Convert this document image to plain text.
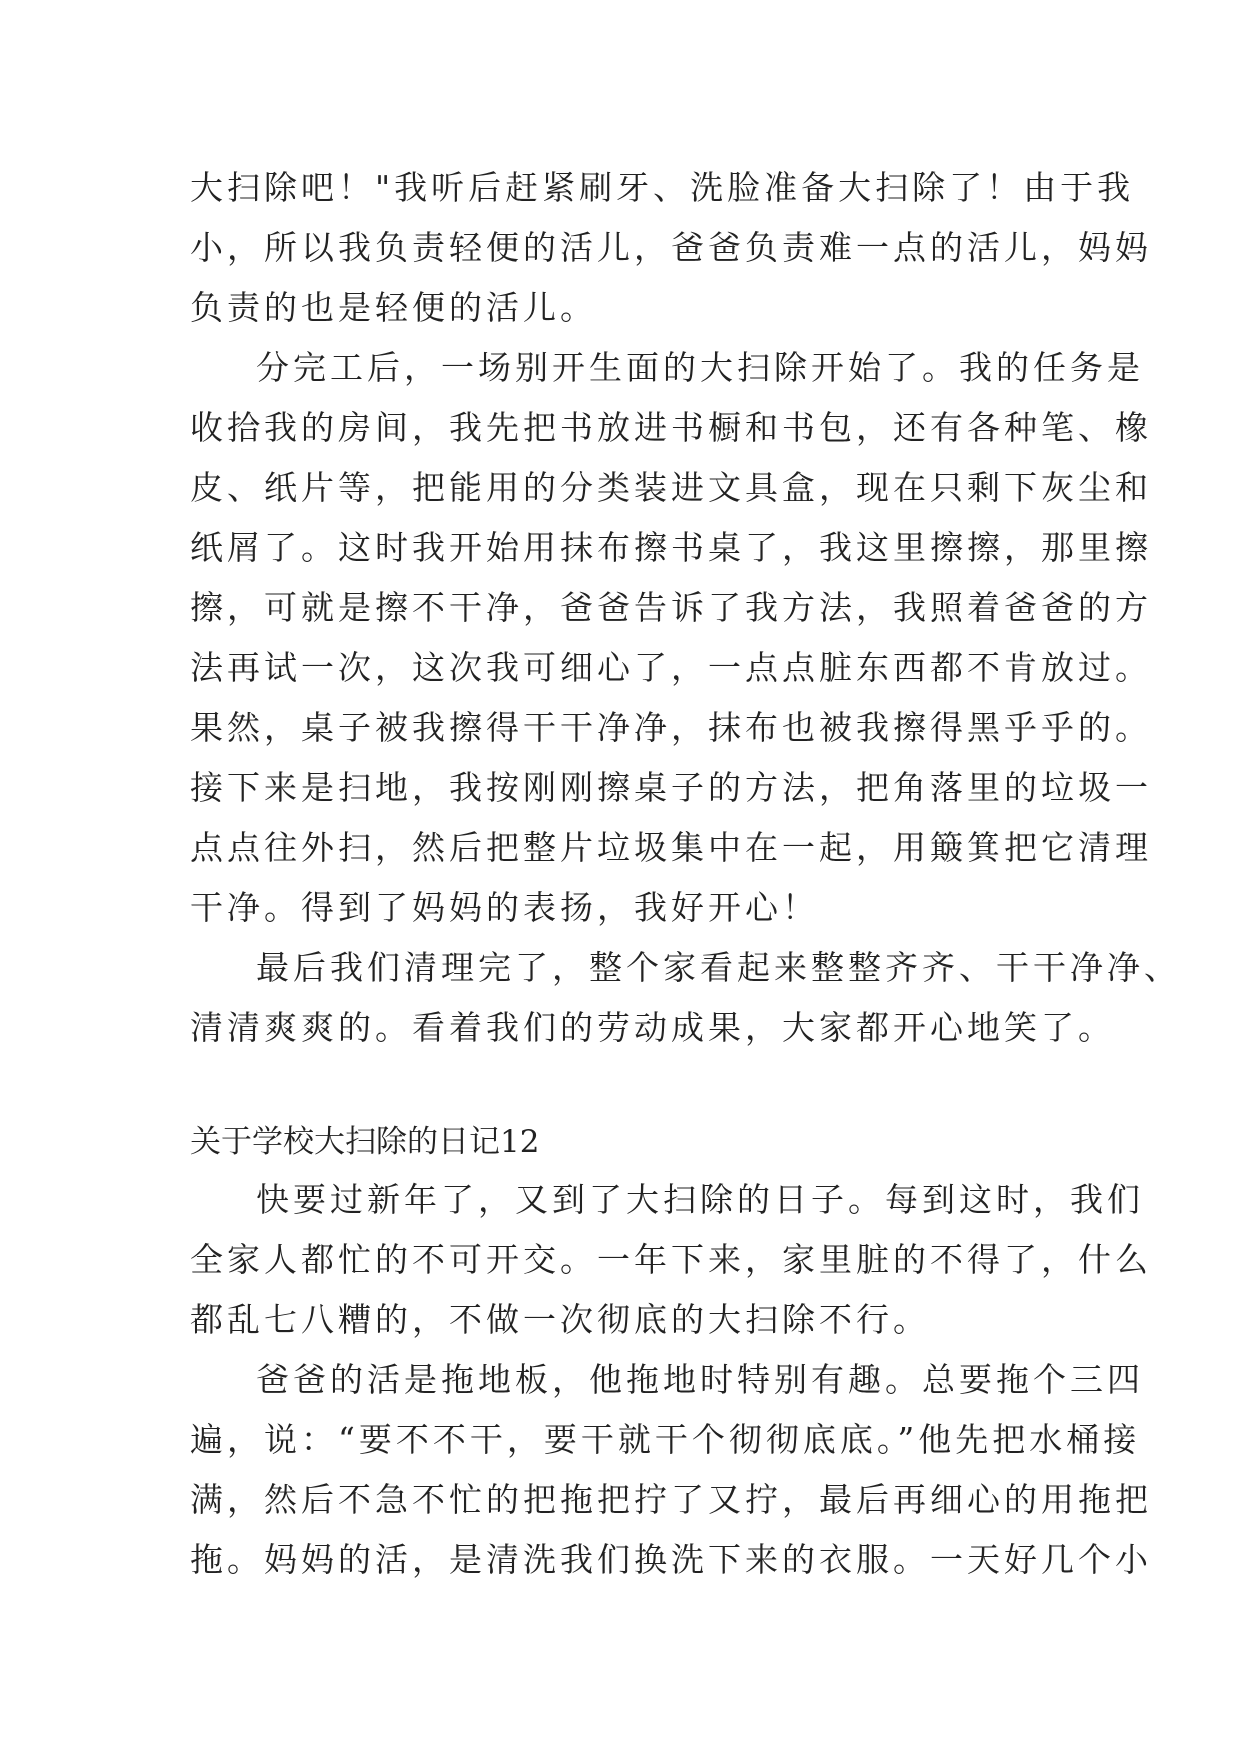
大扫除吧！"我听后赶紧刷牙、洗脸准备大扫除了！由于我
小，所以我负责轻便的活儿，爸爸负责难一点的活儿，妈妈
负责的也是轻便的活儿。
分完工后，一场别开生面的大扫除开始了。我的任务是
收拾我的房间，我先把书放进书橱和书包，还有各种笔、橡
皮、纸片等，把能用的分类装进文具盒，现在只剩下灰尘和
纸屑了。这时我开始用抹布擦书桌了，我这里擦擦，那里擦
擦，可就是擦不干净，爸爸告诉了我方法，我照着爸爸的方
法再试一次，这次我可细心了，一点点脏东西都不肯放过。
果然，桌子被我擦得干干净净，抹布也被我擦得黑乎乎的。
接下来是扫地，我按刚刚擦桌子的方法，把角落里的垃圾一
点点往外扫，然后把整片垃圾集中在一起，用簸箕把它清理
干净。得到了妈妈的表扬，我好开心！
最后我们清理完了，整个家看起来整整齐齐、干干净净、
清清爽爽的。看着我们的劳动成果，大家都开心地笑了。
关于学校大扫除的日记12
快要过新年了，又到了大扫除的日子。每到这时，我们
全家人都忙的不可开交。一年下来，家里脏的不得了，什么
都乱七八糟的，不做一次彻底的大扫除不行。
爸爸的活是拖地板，他拖地时特别有趣。总要拖个三四
遍，说：“要不不干，要干就干个彻彻底底。”他先把水桶接
满，然后不急不忙的把拖把拧了又拧，最后再细心的用拖把
拖。妈妈的活，是清洗我们换洗下来的衣服。一天好几个小
